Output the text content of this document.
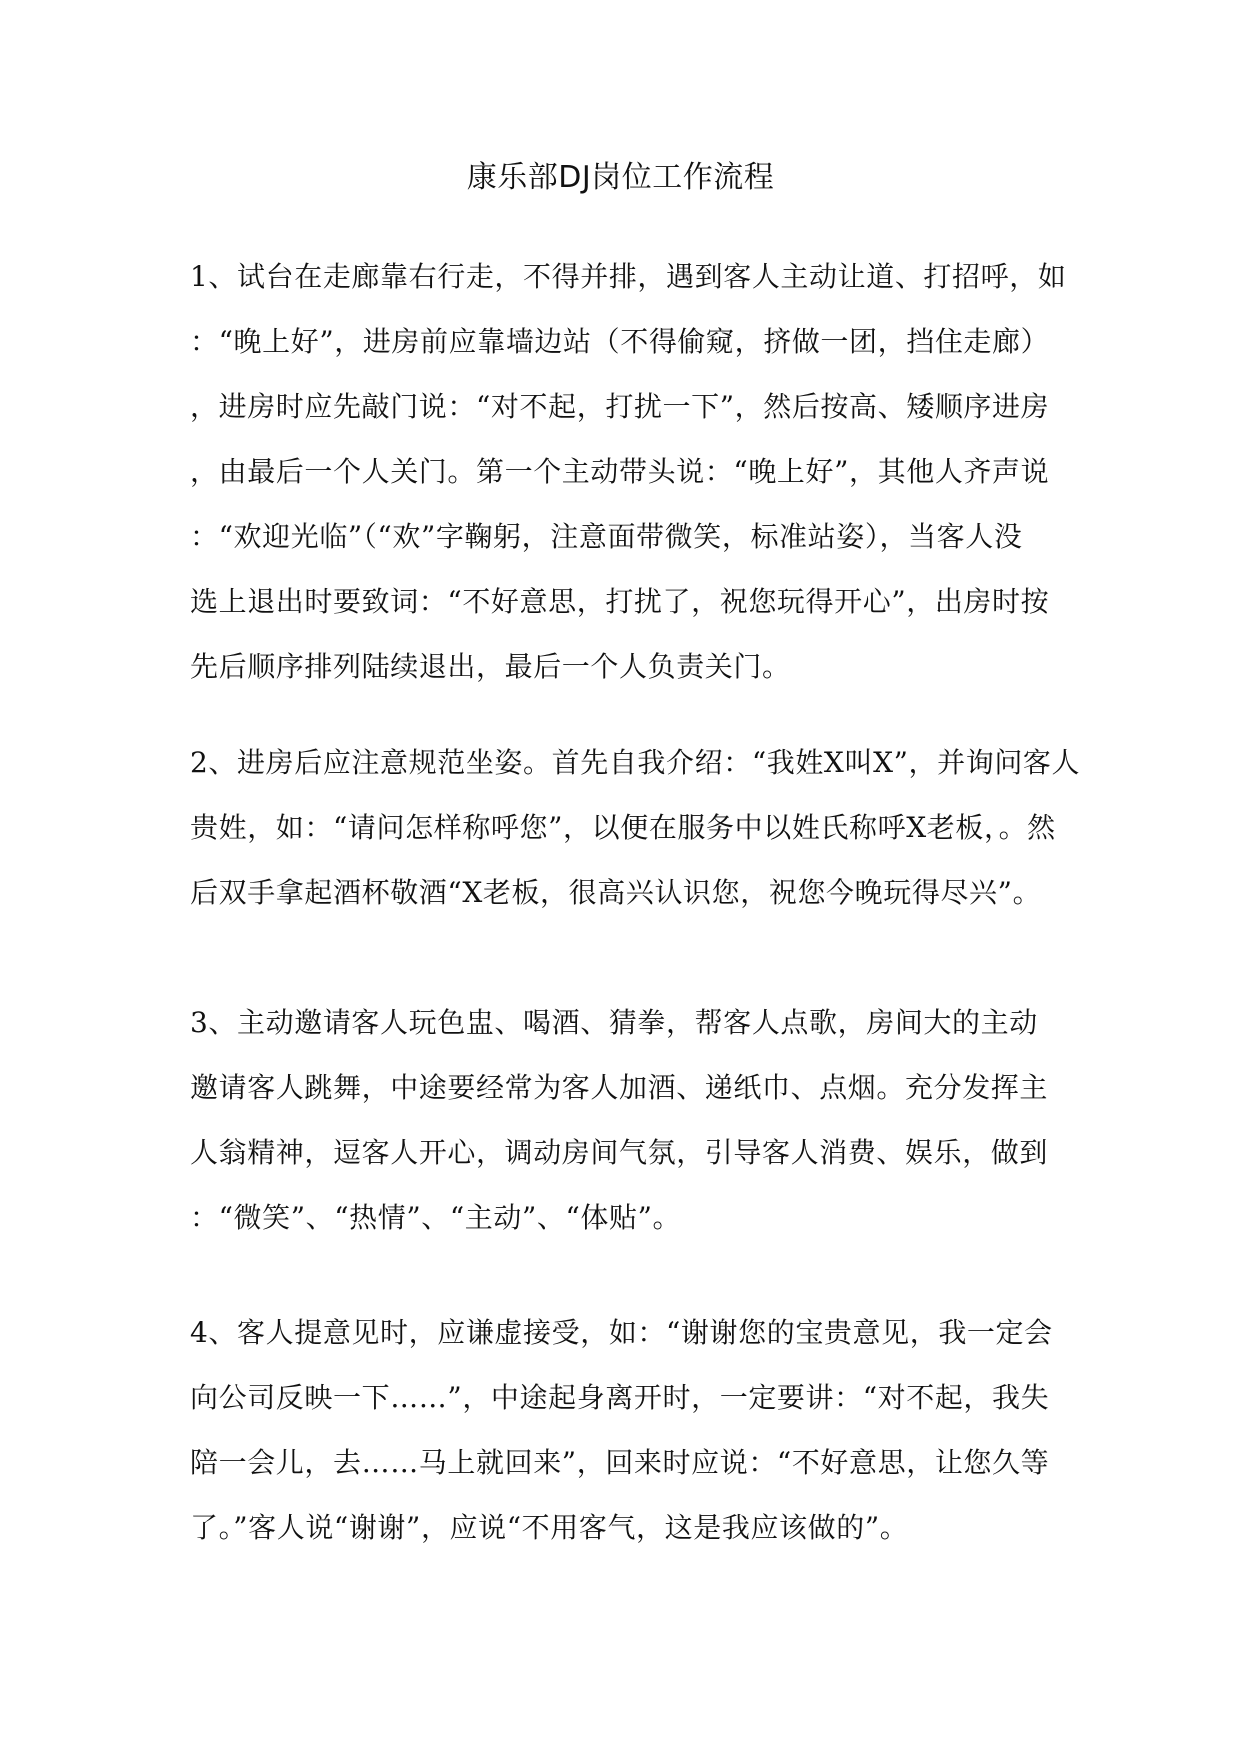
康乐部DJ岗位工作流程
1、试台在走廊靠右行走，不得并排，遇到客人主动让道、打招呼，如
：“晚上好”，进房前应靠墙边站（不得偷窥，挤做一团，挡住走廊）
，进房时应先敲门说：“对不起，打扰一下”，然后按高、矮顺序进房
，由最后一个人关门。第一个主动带头说：“晚上好”，其他人齐声说
：“欢迎光临”（“欢”字鞠躬，注意面带微笑，标准站姿），当客人没
选上退出时要致词：“不好意思，打扰了，祝您玩得开心”，出房时按
先后顺序排列陆续退出，最后一个人负责关门。
2、进房后应注意规范坐姿。首先自我介绍：“我姓X叫X”，并询问客人
贵姓，如：“请问怎样称呼您”，以便在服务中以姓氏称呼X老板，。然
后双手拿起酒杯敬酒“X老板，很高兴认识您，祝您今晚玩得尽兴”。
3、主动邀请客人玩色盅、喝酒、猜拳，帮客人点歌，房间大的主动
邀请客人跳舞，中途要经常为客人加酒、递纸巾、点烟。充分发挥主
人翁精神，逗客人开心，调动房间气氛，引导客人消费、娱乐，做到
：“微笑”、“热情”、“主动”、“体贴”。
4、客人提意见时，应谦虚接受，如：“谢谢您的宝贵意见，我一定会
向公司反映一下……”，中途起身离开时，一定要讲：“对不起，我失
陪一会儿，去……马上就回来”，回来时应说：“不好意思，让您久等
了。”客人说“谢谢”，应说“不用客气，这是我应该做的”。
